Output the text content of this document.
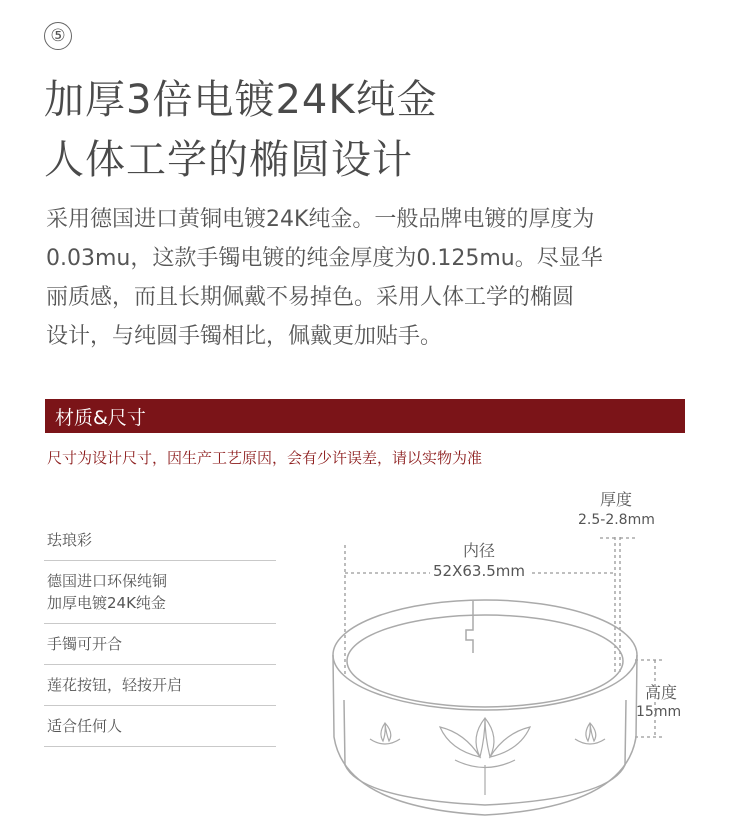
⑤
加厚3倍电镀24K纯金
人体工学的椭圆设计
采用德国进口黄铜电镀24K纯金。一般品牌电镀的厚度为
0.03mu，这款手镯电镀的纯金厚度为0.125mu。尽显华
丽质感，而且长期佩戴不易掉色。采用人体工学的椭圆
设计，与纯圆手镯相比，佩戴更加贴手。
材质&尺寸
尺寸为设计尺寸，因生产工艺原因，会有少许误差，请以实物为准
珐琅彩
德国进口环保纯铜
加厚电镀24K纯金
手镯可开合
莲花按钮，轻按开启
适合任何人
厚度
2.5-2.8mm
内径
52X63.5mm
高度
15mm
